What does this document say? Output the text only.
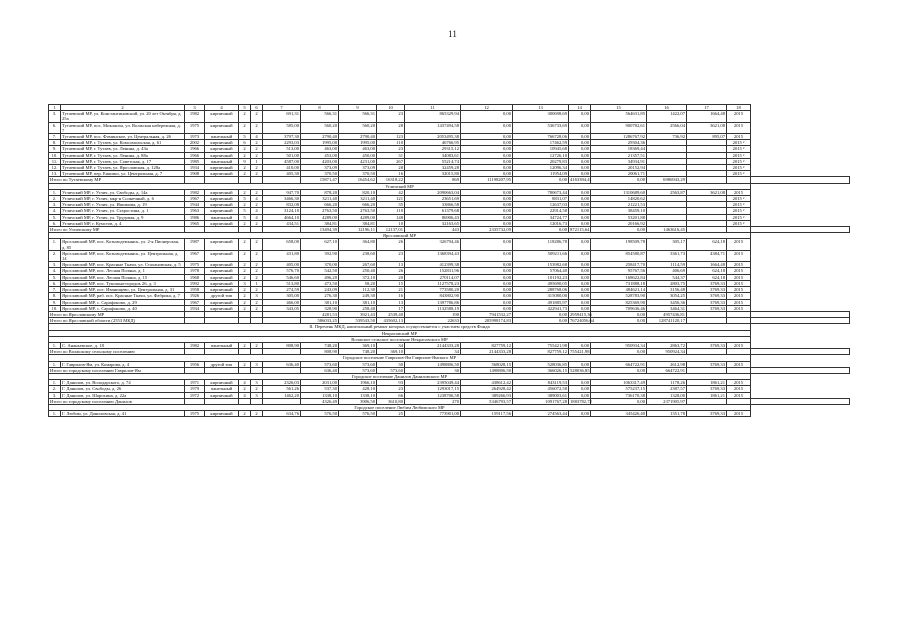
11
1	2	3	4	5	6	7	8	9	10	11	12	13	14	15	16	17	18	
3.	Тутаевский МР, ул. Константиновский, ул. 20 лет Октября, д. 25а	1982	кирпичный	2	2	691,31	566,31	566,31	23	865329,94	0,00	300698,69	0,00	564631,85	1422,07	1664,48	2015	
6.	Тутаевский МР, пос. Микляиха, ул. Волжская набережная, д. 7	1975	кирпичный	2	2	585,00	560,20	560,20	28	1437494,58	0,00	536733,69	0,00	900782,61	2566,04	3621,08	2015	
7.	Тутаевский МР, пос. Фоминское, ул. Центральная, д. 26	1973	панельный	5	4	3797,30	2790,40	2790,40	123	2053495,38	0,00	766728,06	0,00	1286767,92	736,92	895,07	2015	
8.	Тутаевский МР, г. Тутаев, ул. Комсомольская, д. 61	2002	кирпичный	6	2	2293,03	1995,00	1995,00	110	46766,95	0,00	17462,59	0,00	29304,36			2015 ²	
9.	Тутаевский МР, г. Тутаев, ул. Ленина, д. 43а	1966	кирпичный	2	2	513,00	463,00	463,00	23	29315,12	0,00	10945,68	0,00	18369,44			2015 ²	
10.	Тутаевский МР, г. Тутаев, ул. Ленина, д. 88а	1966	кирпичный	2	2	501,00	453,00	450,00	31	34083,61	0,00	12726,10	0,00	21357,51			2015 ²	
11.	Тутаевский МР, г. Тутаев, ул. Советская, д. 17	1985	панельный	9	1	4587,00	4203,00	4231,00	267	55214,74	0,00	20279,83	0,00	34934,91			2015 ²	
12.	Тутаевский МР, г. Тутаев, ул. Ярославская, д. 128а	1934	кирпичный	2	2	410,00	373,09	373,09	28	32459,28	0,00	12096,34	0,00	20152,94			2015 ²	
13.	Тутаевский МР, пер. Ешкино, ул. Центральная, д. 7	1908	кирпичный	2	2	405,30	370,50	370,50	16	32015,80	0,00	11954,09	0,00	20061,71			2015 ²	
Итого по Тутаевскому МР							15871,47	16454,62	16318,22	869	11198207,95	0,00	4163394,41	0,00	6986943,29			
Угличский МР																		
1.	Угличский МР, г. Углич, ул. Свободы, д. 14а	1982	кирпичный	2	2	947,70	878,20	820,10	42	2090663,04	0,00	780673,44	0,00	1310689,60	2563,87	3621,08	2015	
2.	Угличский МР, г. Углич, мкр-н Солнечный, д. 6	1967	кирпичный	5	4	3466,30	3211,40	3211,40	121	23651,69	0,00	8831,07	0,00	14820,62			2015 ²	
3.	Угличский МР, г. Углич, ул. Ишимова, д. 19	1944	кирпичный	2	2	832,08	666,20	666,20	35	33866,58	0,00	12637,03	0,00	21221,53			2015 ²	
4.	Угличский МР, г. Углич, ул. Старостина, д. 1	1963	кирпичный	5	4	3124,10	2763,50	2763,50	110	61379,68	0,00	22914,58	0,00	38459,10			2015 ²	
5.	Угличский МР, г. Углич, ул. Трудовая, д. 9	1986	панельный	5	4	4664,10	4289,00	4289,00	148	86906,43	0,00	34724,77	0,00	53201,88			2015 ²	
6.	Угличский МР, г. Кумстов, д. 4	1965	кирпичный	2	2	434,51	384,81	384,81	10	32163,65	0,00	12016,73	0,00	20166,92			2015 ²	
Итого по Угличскому МР							13494,39	12196,11	12137,01	443	2335732,09	0,00	872115,64	0,00	1463616,45			
Ярославский МР																		
1.	Ярославский МР, пос. Козьмодемьянск, ул. 2-я Пионерская, д. 85	1987	кирпичный	2	2	658,00	627,10	364,80	26	326794,46	0,00	118286,78	0,00	198509,78	305,17	624,18	2015	
2.	Ярославский МР, пос. Козьмодемьянск, ул. Центральная, д. 14	1967	кирпичный	2	2	431,80	392,90	238,60	23	1368394,43	0,00	509211,66	0,00	854580,87	3361,73	4384,71	2015	
3.	Ярославский МР, пос. Красные Ткачи, ул. Стахановская, д. 5	1975	кирпичный	2	2	405,00	370,00	267,60	13	412399,38	0,00	153982,68	0,00	258417,70	1114,59	1664,48	2015	
4.	Ярославский МР, пос. Лесная Поляна, д. 1	1978	кирпичный	2	2	576,70	542,50	250,40	26	152831,96	0,00	57064,40	0,00	95767,56	406,69	624,18	2015	
5.	Ярославский МР, пос. Лесная Поляна, д. 15	1968	кирпичный	2	2	546,60	496,20	372,10	20	270114,07	0,00	101192,23	0,00	168622,84	544,37	624,18	2015	
6.	Ярославский МР, пос. Туношна-городок 26, д. 3	1992	кирпичный	3	1	513,80	473,50	58,20	15	1127578,23	0,00	495690,05	0,00	731888,18	2803,75	3769,33	2015	
7.	Ярославский МР, пос. Иванищево, ул. Центральная, д. 31	1958	кирпичный	2	2	274,59	243,09	112,30	21	773580,20	0,00	288768,06	0,00	484621,14	3156,48	3769,33	2015	
8.	Ярославский МР, раб. пос. Красные Ткачи, ул. Фабрика, д. 7	1926	другой тип	2	3	305,00	276,30	249,30	16	843802,90	0,00	315080,00	0,00	528783,90	3054,25	3769,33	2015	
9.	Ярославский МР, с. Сарафоново, д. 29	1967	кирпичный	2	2	466,00	381,10	381,10	13	1397786,86	0,00	491885,97	0,00	825369,90	3456,36	3769,33	2015	
10.	Ярославский МР, с. Сарафоново, д. 40	1934	кирпичный	2	2	343,05	328,90	258,40	17	1132588,19	0,00	422941,73	0,00	709636,46	3464,31	3769,33	2015	
Итого по Ярославскому МР							4281,53	3921,43	2539,40	190	7941532,27	0,00	2959415,36	0,00	4957436,81			
Итого по Ярославской области (2553 МКД)							586033,25	539543,50	435602,13	22633	205998174,83	0,00	76724056,64	0,00	128741120,17			
II. Перечень МКД, капитальный ремонт которых осуществляется с участием средств Фонда																		
Некрасовский МР																		
Волжское сельское поселение Некрасовского МР																		
1.	С. Ананьевское, д. 18	1982	панельный	2	2	808,90	748,20	369,10	34	2144333,28	827759,12	755421,98	0,00	950934,34	2863,72	3769,33	2015	
Итого по Волжскому сельскому поселению							808,90	748,20	369,10	34	2144333,28	827759,12	755421,98	0,00	950924,34			
Городское поселение Гаврилов-Ям Гаврилов-Ямского МР																		
1.	Г. Гаврилов-Ям, ул. Комарова, д. 4	1956	другой тип	2	3	636,40	573,60	573,60	30	1498806,50	568028,15	528036,85	0,00	664722,91	2612,98	3769,33	2015	
Итого по городскому поселению Гаврилов-Ям							636,40	573,60	573,60	30	1498806,50	366026,15	528036,85	0,00	664722,91			
Городское поселение Данилов Даниловского МР																		
1.	Г. Данилов, ул. Володарского, д. 74	1971	кирпичный	4	3	2326,03	2031,00	1966,10	93	2395049,44	438612,42	843119,53	0,00	1063317,49	1178,26	1861,21	2015	
2.	Г. Данилов, ул. Свободы, д. 26	1979	панельный	2	2	561,26	537,30	428,10	23	1293017,15	264928,42	456072,58	0,00	575237,15	2387,57	3769,33	2015	
3.	Г. Данилов, ул. Шарохина, д. 22а	1972	кирпичный	4	3	1462,20	1338,10	1338,10	66	1238706,58	389266,93	389003,61	0,00	736170,38	1328,00	1861,21	2015	
Итого по городскому поселению Данилов							4326,49	3906,50	3610,80	270	5346793,57	1091767,28	1883782,72	0,00	2371905,97			
Городское поселение Любим Любимского МР																		
1.	Г. Любим, ул. Даниловская, д. 41	1975	кирпичный	2	2	634,76	576,50	576,50	25	773901,00	159117,56	274563,44	0,00	345426,40	1351,78	3769,33	2015	
